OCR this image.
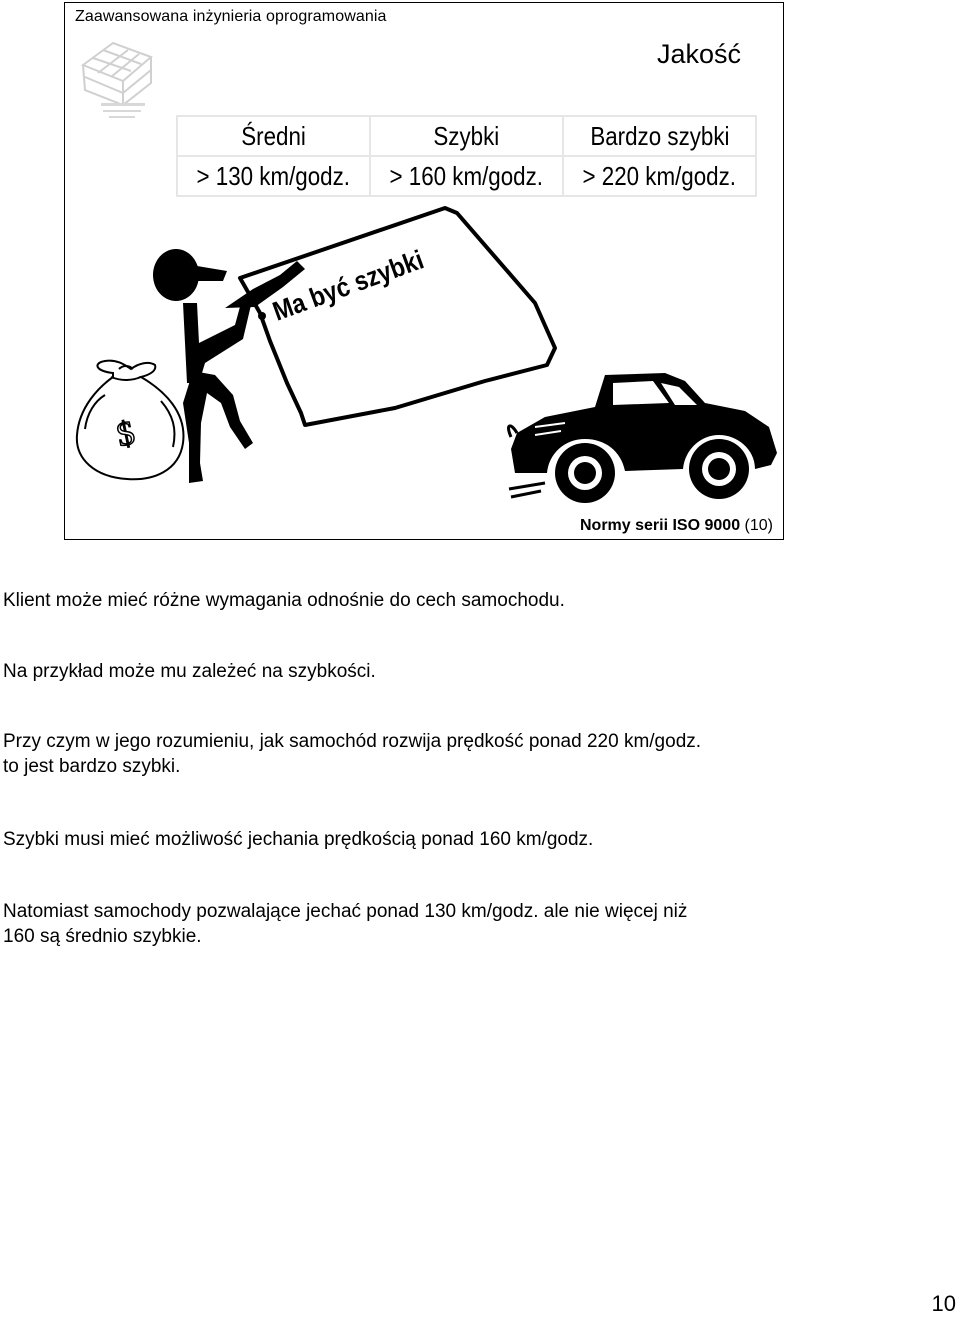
Zaawansowana inżynieria oprogramowania
Jakość
Średni	Szybki	Bardzo szybki
> 130 km/godz.	> 160 km/godz.	> 220 km/godz.
Ma być szybki
$
Normy serii ISO 9000 (10)

Klient może mieć różne wymagania odnośnie do cech samochodu.

Na przykład może mu zależeć na szybkości.

Przy czym w jego rozumieniu, jak samochód rozwija prędkość ponad 220 km/godz.
to jest bardzo szybki.

Szybki musi mieć możliwość jechania prędkością ponad 160 km/godz.

Natomiast samochody pozwalające jechać ponad 130 km/godz. ale nie więcej niż
160 są średnio szybkie.
10
